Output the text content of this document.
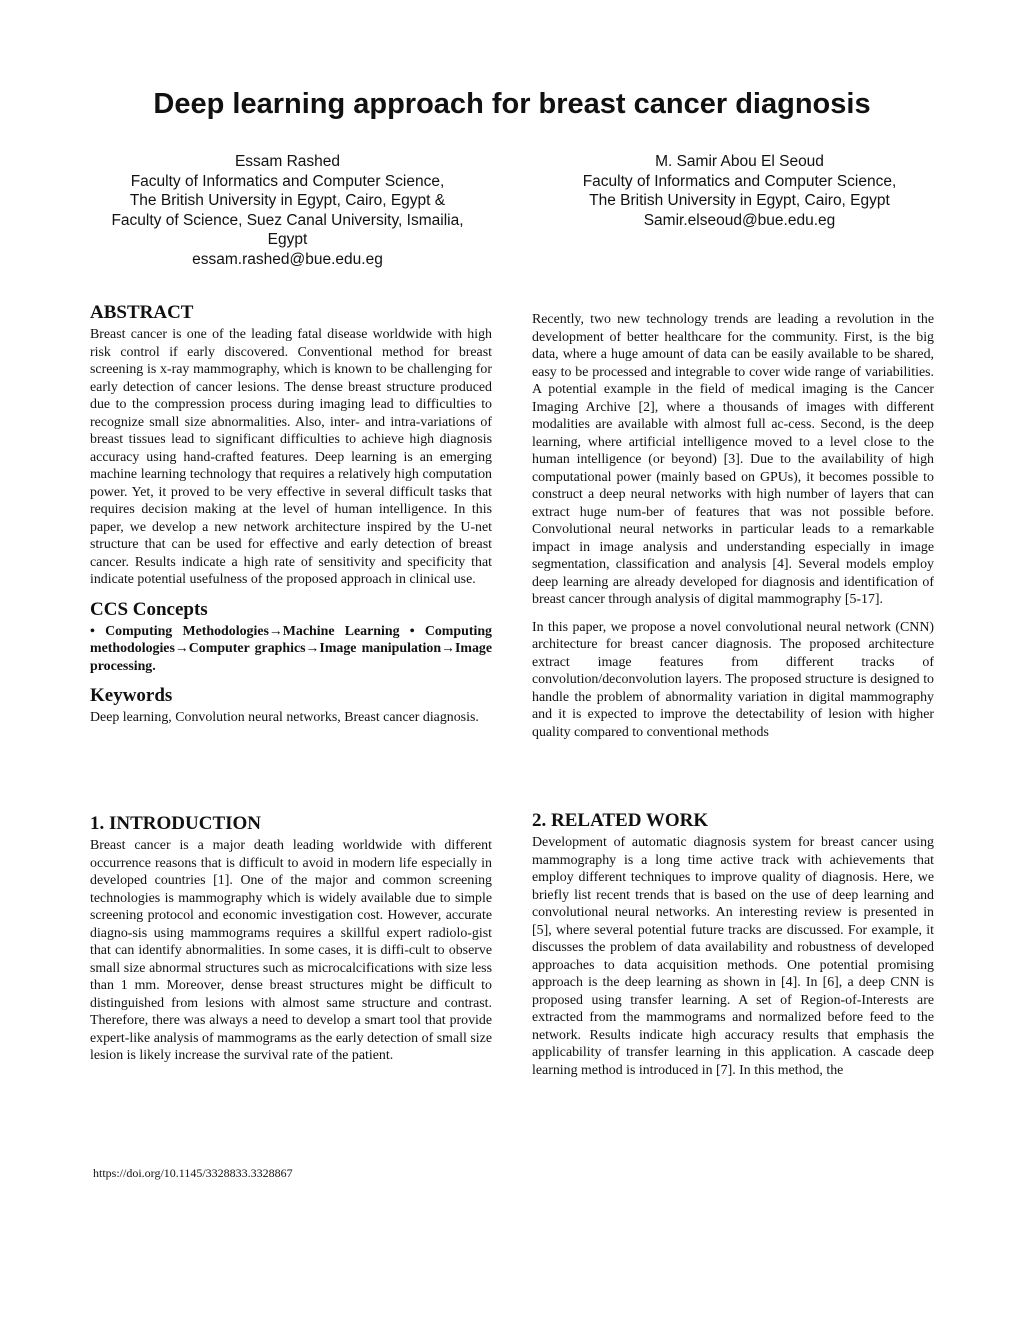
Deep learning approach for breast cancer diagnosis
Essam Rashed
Faculty of Informatics and Computer Science,
The British University in Egypt, Cairo, Egypt &
Faculty of Science, Suez Canal University, Ismailia,
Egypt
essam.rashed@bue.edu.eg
M. Samir Abou El Seoud
Faculty of Informatics and Computer Science,
The British University in Egypt, Cairo, Egypt
Samir.elseoud@bue.edu.eg
ABSTRACT

Breast cancer is one of the leading fatal disease worldwide with high risk control if early discovered. Conventional method for breast screening is x-ray mammography, which is known to be challenging for early detection of cancer lesions. The dense breast structure produced due to the compression process during imaging lead to difficulties to recognize small size abnormalities. Also, inter- and intra-variations of breast tissues lead to significant difficulties to achieve high diagnosis accuracy using hand-crafted features. Deep learning is an emerging machine learning technology that requires a relatively high computation power. Yet, it proved to be very effective in several difficult tasks that requires decision making at the level of human intelligence. In this paper, we develop a new network architecture inspired by the U-net structure that can be used for effective and early detection of breast cancer. Results indicate a high rate of sensitivity and specificity that indicate potential usefulness of the proposed approach in clinical use.

CCS Concepts

• Computing Methodologies→Machine Learning • Computing methodologies→Computer graphics→Image manipulation→Image processing.

Keywords

Deep learning, Convolution neural networks, Breast cancer diagnosis.

Recently, two new technology trends are leading a revolution in the development of better healthcare for the community. First, is the big data, where a huge amount of data can be easily available to be shared, easy to be processed and integrable to cover wide range of variabilities. A potential example in the field of medical imaging is the Cancer Imaging Archive [2], where a thousands of images with different modalities are available with almost full ac-cess. Second, is the deep learning, where artificial intelligence moved to a level close to the human intelligence (or beyond) [3]. Due to the availability of high computational power (mainly based on GPUs), it becomes possible to construct a deep neural networks with high number of layers that can extract huge num-ber of features that was not possible before. Convolutional neural networks in particular leads to a remarkable impact in image analysis and understanding especially in image segmentation, classification and analysis [4]. Several models employ deep learning are already developed for diagnosis and identification of breast cancer through analysis of digital mammography [5-17].

In this paper, we propose a novel convolutional neural network (CNN) architecture for breast cancer diagnosis. The proposed architecture extract image features from different tracks of convolution/deconvolution layers. The proposed structure is designed to handle the problem of abnormality variation in digital mammography and it is expected to improve the detectability of lesion with higher quality compared to conventional methods

1. INTRODUCTION

Breast cancer is a major death leading worldwide with different occurrence reasons that is difficult to avoid in modern life especially in developed countries [1]. One of the major and common screening technologies is mammography which is widely available due to simple screening protocol and economic investigation cost. However, accurate diagno-sis using mammograms requires a skillful expert radiolo-gist that can identify abnormalities. In some cases, it is diffi-cult to observe small size abnormal structures such as microcalcifications with size less than 1 mm. Moreover, dense breast structures might be difficult to distinguished from lesions with almost same structure and contrast. Therefore, there was always a need to develop a smart tool that provide expert-like analysis of mammograms as the early detection of small size lesion is likely increase the survival rate of the patient.

2. RELATED WORK

Development of automatic diagnosis system for breast cancer using mammography is a long time active track with achievements that employ different techniques to improve quality of diagnosis. Here, we briefly list recent trends that is based on the use of deep learning and convolutional neural networks. An interesting review is presented in [5], where several potential future tracks are discussed. For example, it discusses the problem of data availability and robustness of developed approaches to data acquisition methods. One potential promising approach is the deep learning as shown in [4]. In [6], a deep CNN is proposed using transfer learning. A set of Region-of-Interests are extracted from the mammograms and normalized before feed to the network. Results indicate high accuracy results that emphasis the applicability of transfer learning in this application. A cascade deep learning method is introduced in [7]. In this method, the

https://doi.org/10.1145/3328833.3328867
